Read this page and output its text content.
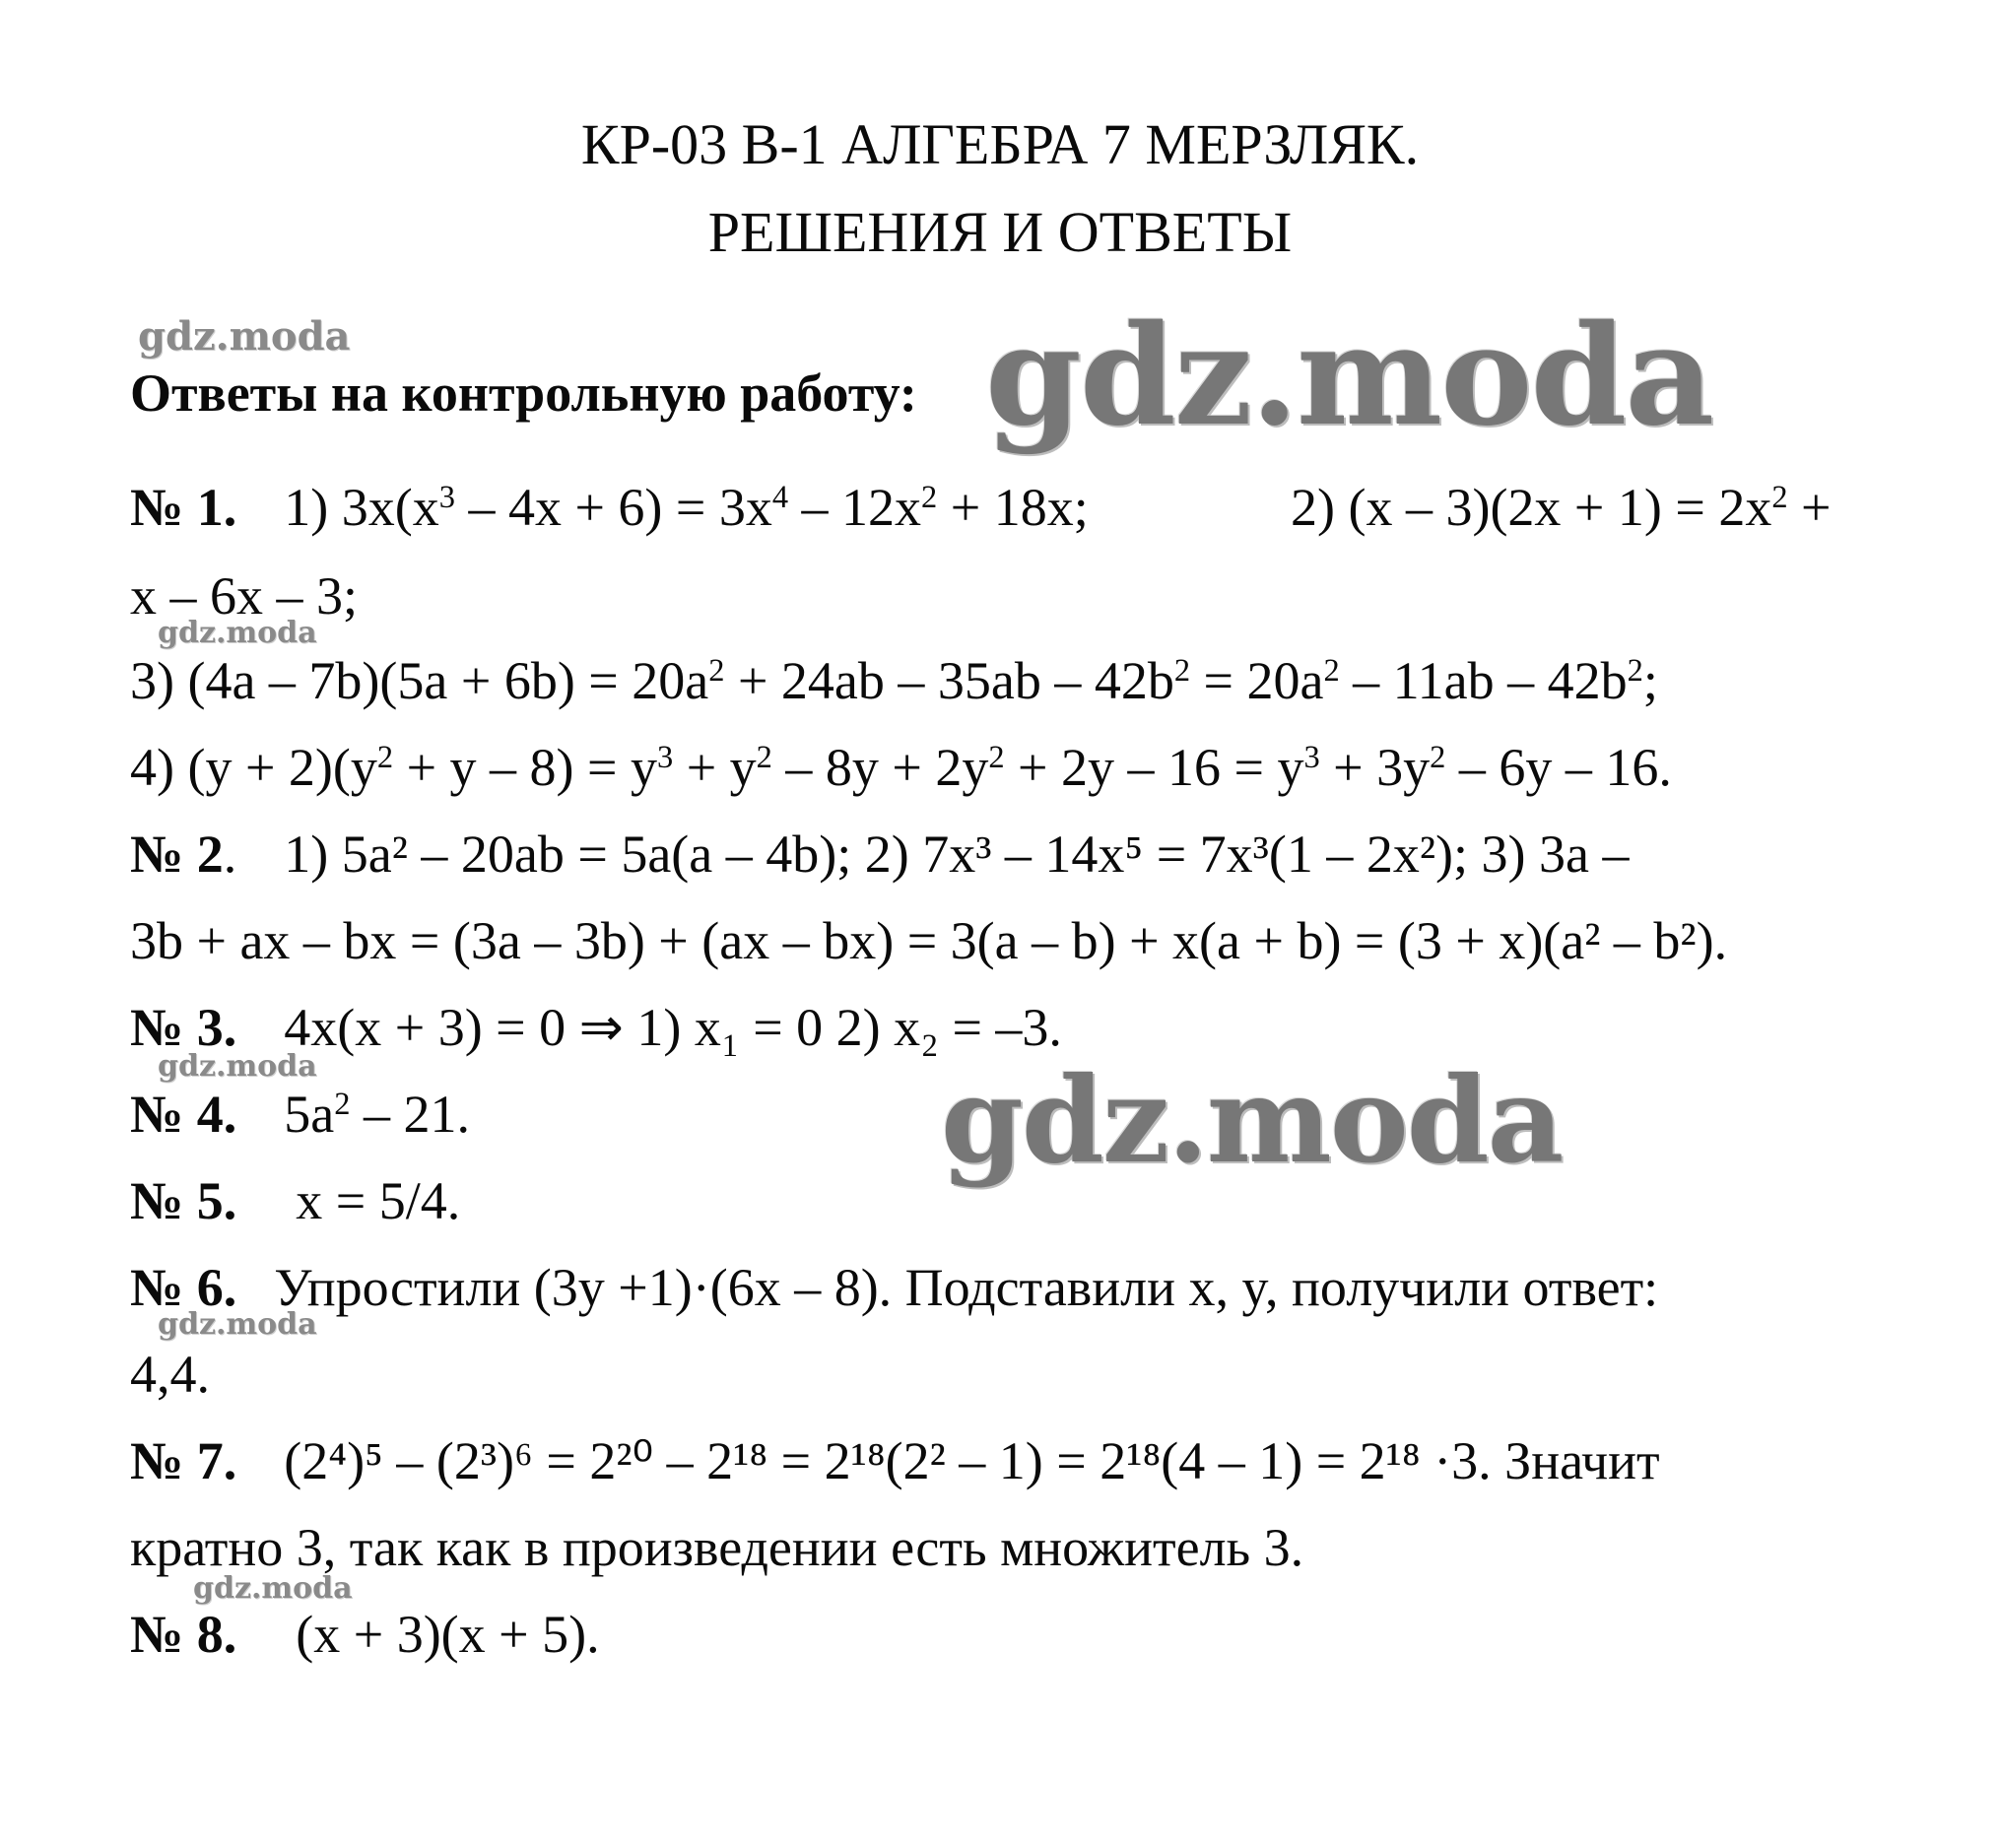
КР-03 В-1 АЛГЕБРА 7 МЕРЗЛЯК.
РЕШЕНИЯ И ОТВЕТЫ
gdz.moda
Ответы на контрольную работу: gdz.moda
№ 1. 1) $3x(x^3 - 4x + 6) = 3x^4 - 12x^2 + 18x$;	2) $(x - 3)(2x + 1) = 2x^2$ +
x – 6x – 3;
gdz.moda
3) $(4a - 7b)(5a + 6b) = 20a^2 + 24ab - 35ab - 42b^2 = 20a^2 - 11ab - 42b^2$;
4) $(y + 2)(y^2 + y - 8) = y^3 + y^2 - 8y + 2y^2 + 2y - 16 = y^3 + 3y^2 - 6y - 16$.
№ 2. 1) 5a² – 20ab = 5a(a – 4b); 2) 7x³ – 14x⁵ = 7x³(1 – 2x²); 3) 3a –
3b + ax – bx = (3a – 3b) + (ax – bx) = 3(a – b) + x(a + b) = (3 + x)(a² – b²).
№ 3. 4x(x + 3) = 0 ⇒ 1) x₁ = 0 2) x₂ = –3.
gdz.moda
№ 4. $5a^2 - 21$.	gdz.moda
№ 5. x = 5/4.
№ 6. Упростили (3y +1)·(6x – 8). Подставили x, y, получили ответ:
gdz.moda
4,4.
№ 7. (2⁴)⁵ – (2³)⁶ = 2²⁰ – 2¹⁸ = 2¹⁸(2² – 1) = 2¹⁸(4 – 1) = 2¹⁸ ·3. Значит
кратно 3, так как в произведении есть множитель 3.
gdz.moda
№ 8. (x + 3)(x + 5).
